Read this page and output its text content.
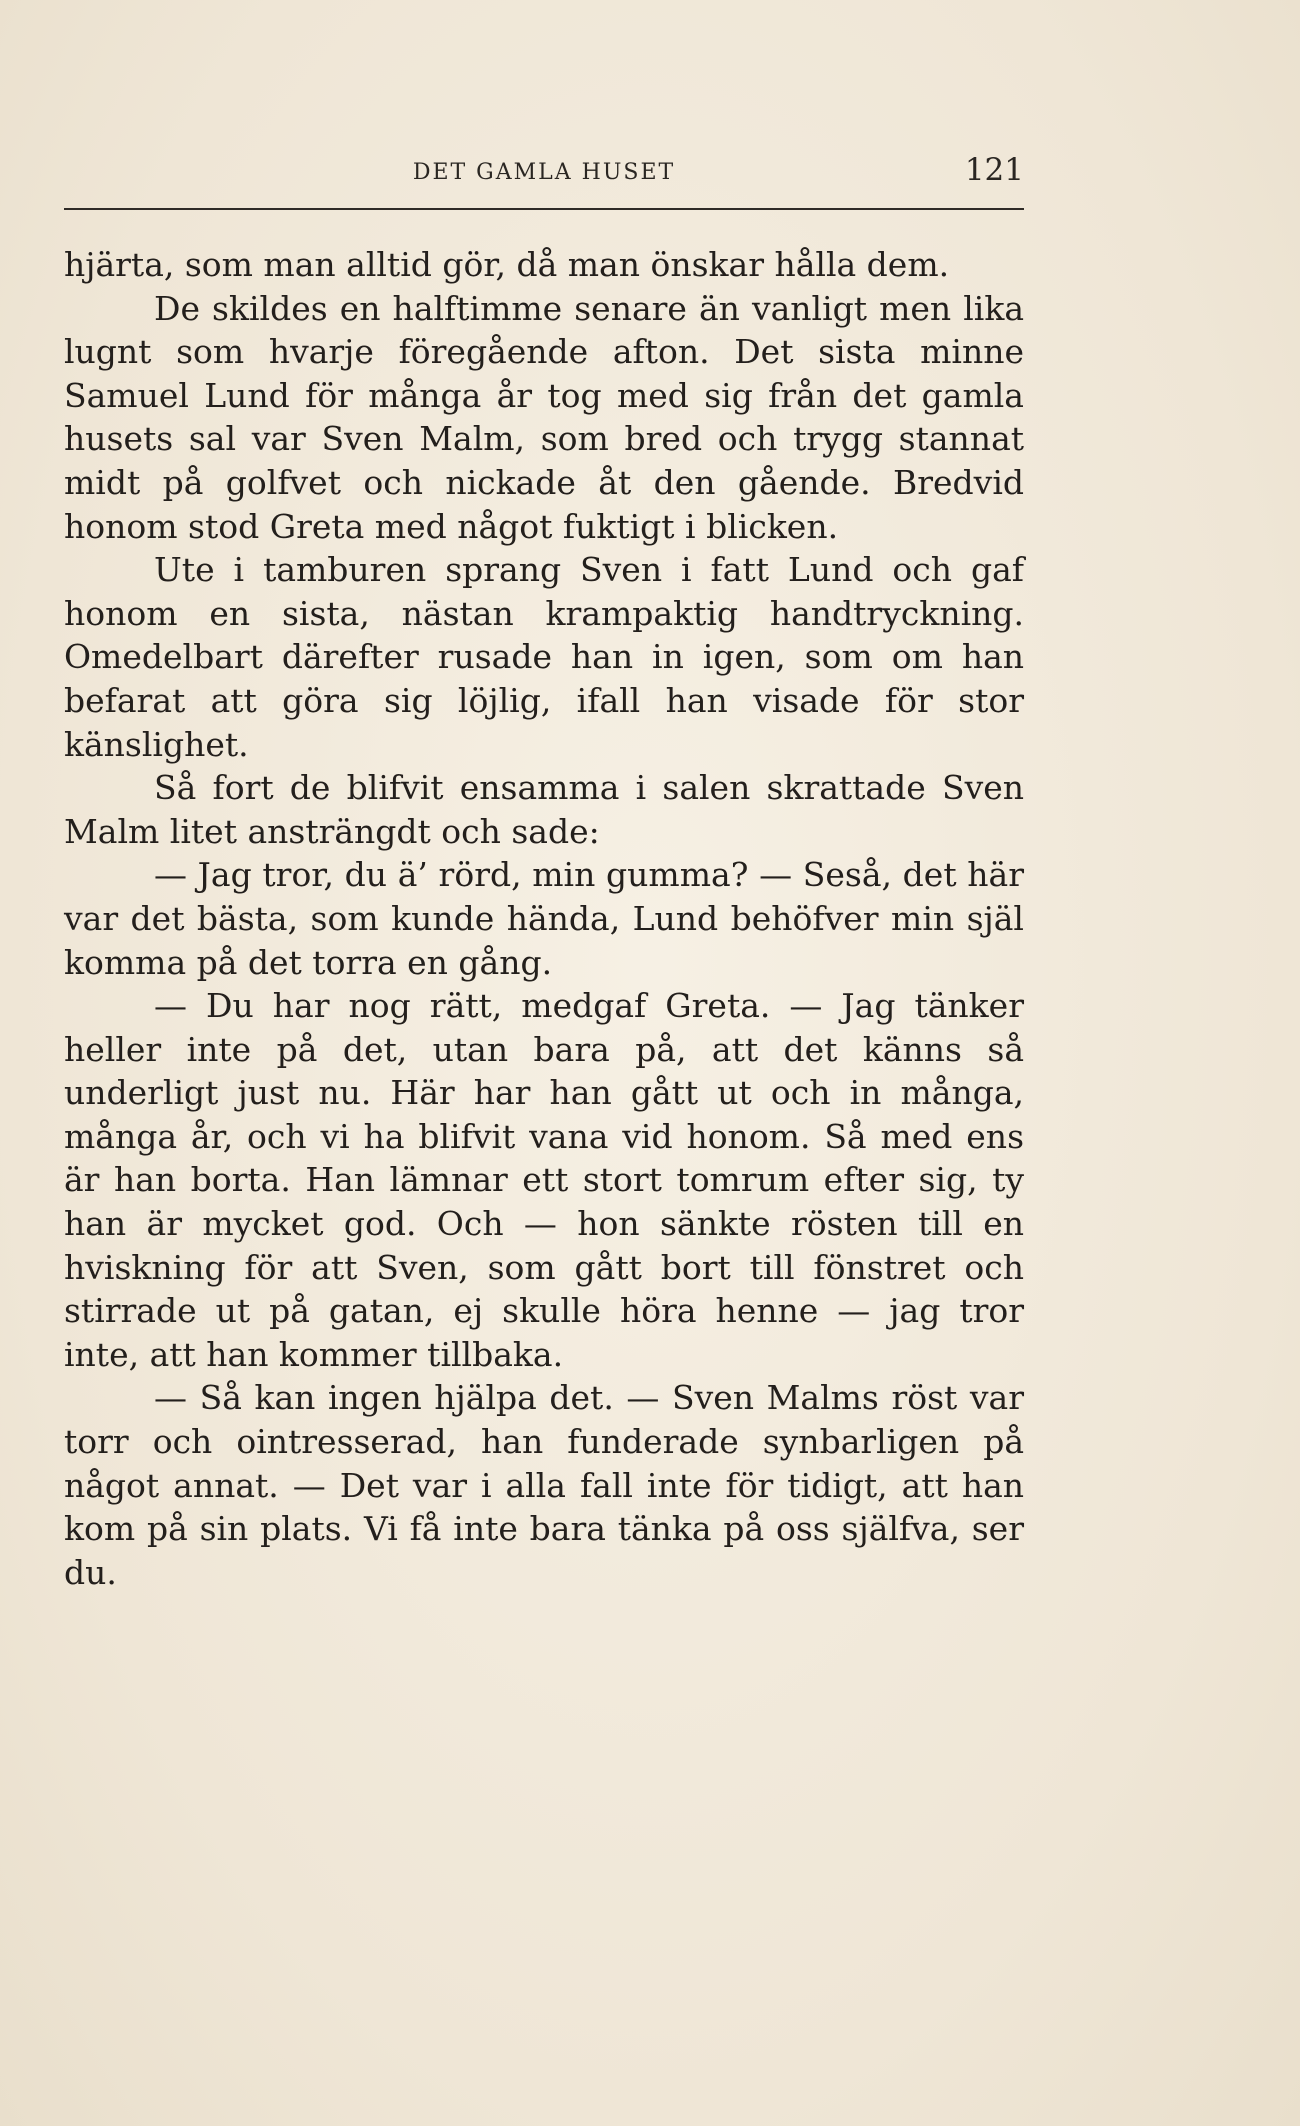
DET GAMLA HUSET	121

hjärta, som man alltid gör, då man önskar hålla dem.

De skildes en halftimme senare än vanligt men lika lugnt som hvarje föregående afton. Det sista minne Samuel Lund för många år tog med sig från det gamla husets sal var Sven Malm, som bred och trygg stannat midt på golfvet och nickade åt den gående. Bredvid honom stod Greta med något fuktigt i blicken.

Ute i tamburen sprang Sven i fatt Lund och gaf honom en sista, nästan krampaktig handtryckning. Omedelbart därefter rusade han in igen, som om han befarat att göra sig löjlig, ifall han visade för stor känslighet.

Så fort de blifvit ensamma i salen skrattade Sven Malm litet ansträngdt och sade:

— Jag tror, du ä’ rörd, min gumma? — Seså, det här var det bästa, som kunde hända, Lund behöfver min själ komma på det torra en gång.

— Du har nog rätt, medgaf Greta. — Jag tänker heller inte på det, utan bara på, att det känns så underligt just nu. Här har han gått ut och in många, många år, och vi ha blifvit vana vid honom. Så med ens är han borta. Han lämnar ett stort tomrum efter sig, ty han är mycket god. Och — hon sänkte rösten till en hviskning för att Sven, som gått bort till fönstret och stirrade ut på gatan, ej skulle höra henne — jag tror inte, att han kommer tillbaka.

— Så kan ingen hjälpa det. — Sven Malms röst var torr och ointresserad, han funderade synbarligen på något annat. — Det var i alla fall inte för tidigt, att han kom på sin plats. Vi få inte bara tänka på oss själfva, ser du.
